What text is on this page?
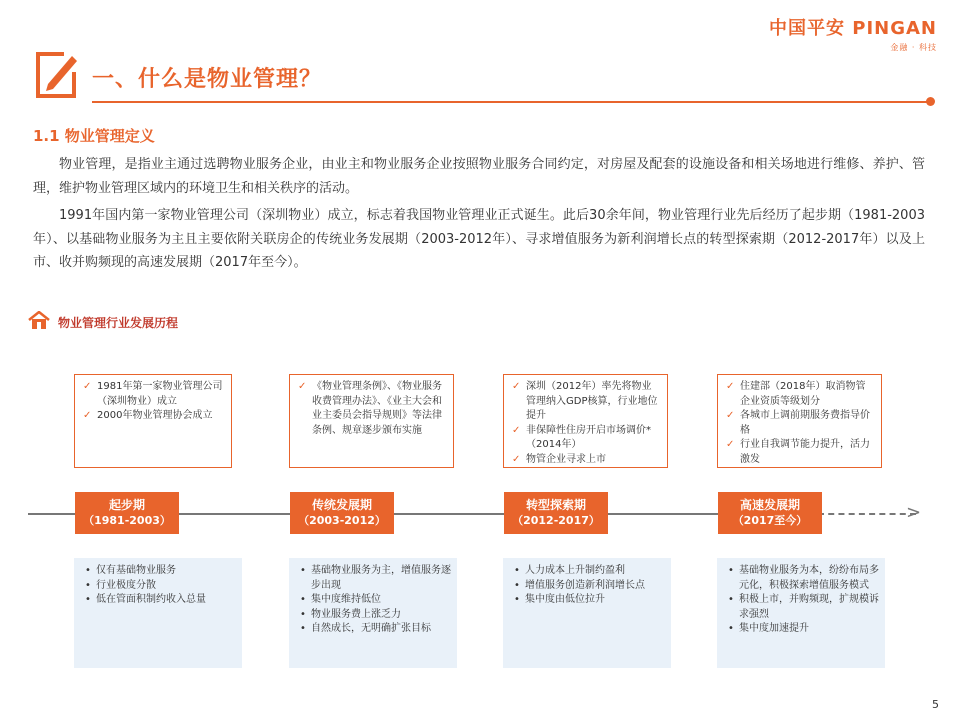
中国平安 PINGAN
金融 · 科技
一、什么是物业管理？
1.1 物业管理定义
物业管理，是指业主通过选聘物业服务企业，由业主和物业服务企业按照物业服务合同约定，对房屋及配套的设施设备和相关场地进行维修、养护、管理，维护物业管理区域内的环境卫生和相关秩序的活动。
1991年国内第一家物业管理公司（深圳物业）成立，标志着我国物业管理业正式诞生。此后30余年间，物业管理行业先后经历了起步期（1981-2003年）、以基础物业服务为主且主要依附关联房企的传统业务发展期（2003-2012年）、寻求增值服务为新利润增长点的转型探索期（2012-2017年）以及上市、收并购频现的高速发展期（2017年至今）。
物业管理行业发展历程
>
✓ 1981年第一家物业管理公司（深圳物业）成立
✓ 2000年物业管理协会成立
起步期
（1981-2003）
• 仅有基础物业服务
• 行业极度分散
• 低在管面积制约收入总量
✓ 《物业管理条例》、《物业服务收费管理办法》、《业主大会和业主委员会指导规则》等法律条例、规章逐步颁布实施
传统发展期
（2003-2012）
• 基础物业服务为主，增值服务逐步出现
• 集中度维持低位
• 物业服务费上涨乏力
• 自然成长，无明确扩张目标
✓ 深圳（2012年）率先将物业管理纳入GDP核算，行业地位提升
✓ 非保障性住房开启市场调价*（2014年）
✓ 物管企业寻求上市
转型探索期
（2012-2017）
• 人力成本上升制约盈利
• 增值服务创造新利润增长点
• 集中度由低位拉升
✓ 住建部（2018年）取消物管企业资质等级划分
✓ 各城市上调前期服务费指导价格
✓ 行业自我调节能力提升，活力激发
高速发展期
（2017至今）
• 基础物业服务为本，纷纷布局多元化，积极探索增值服务模式
• 积极上市，并购频现，扩规模诉求强烈
• 集中度加速提升
5
